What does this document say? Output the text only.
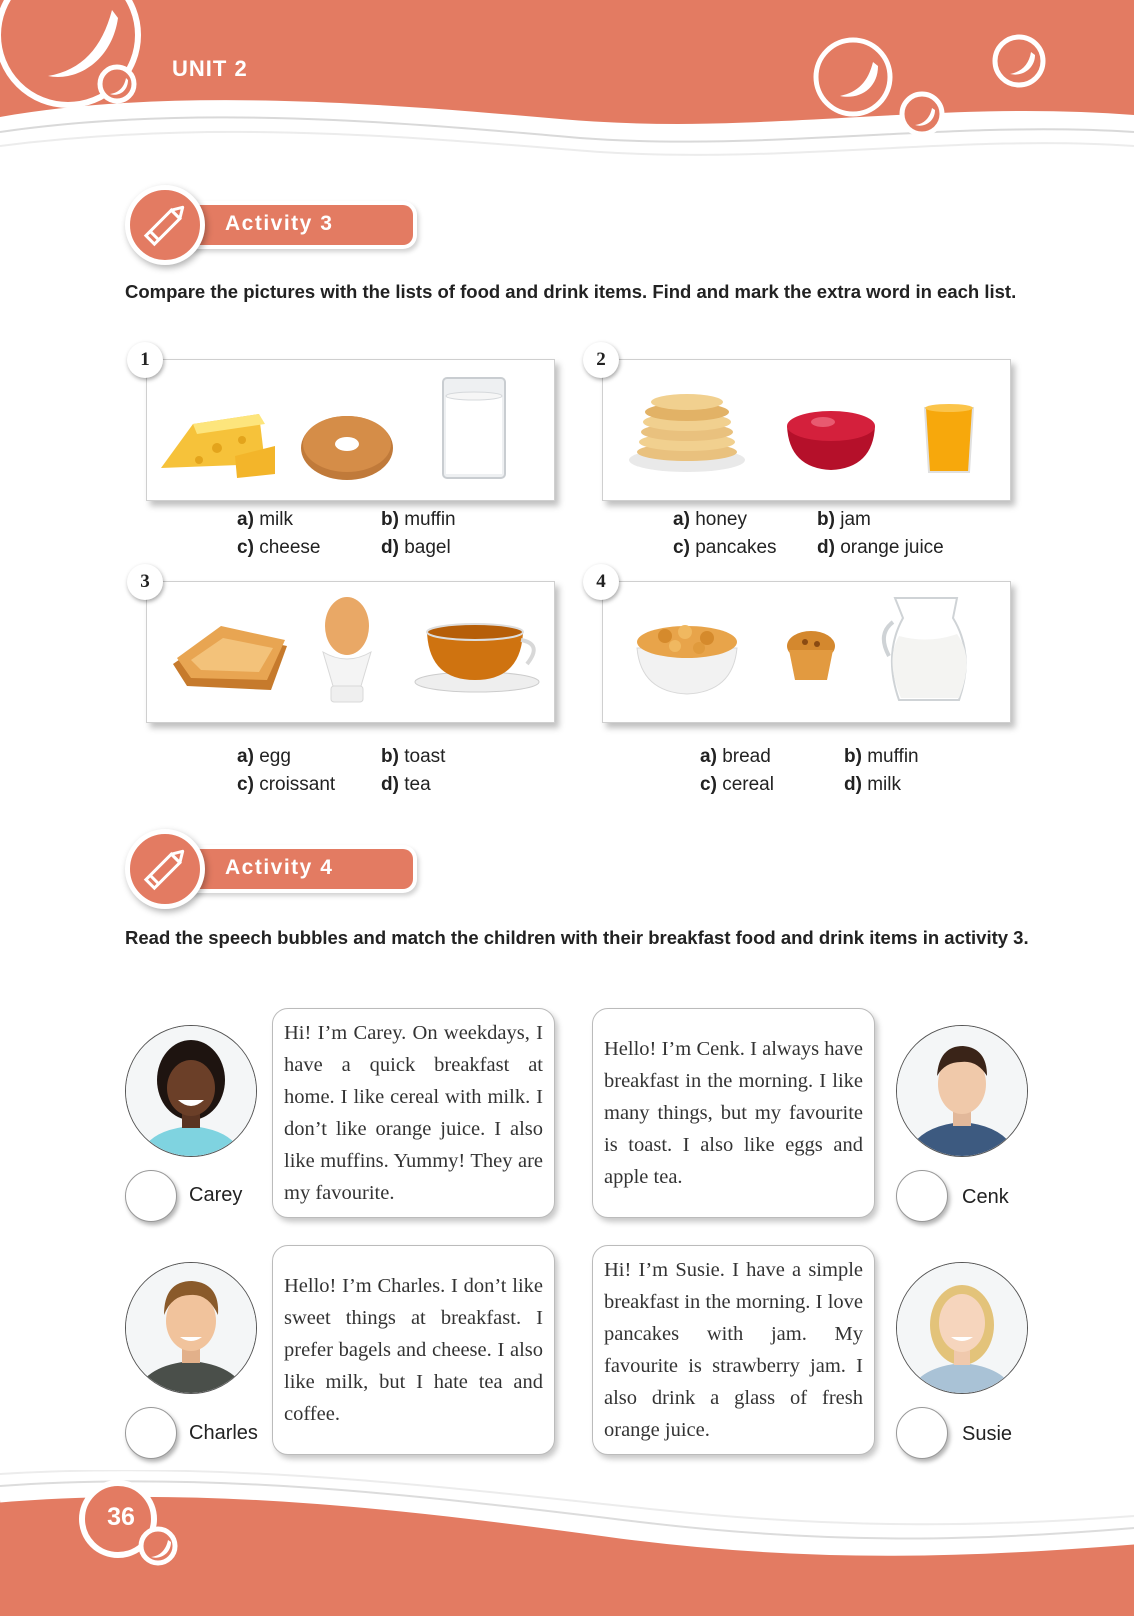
UNIT 2
Activity 3
Compare the pictures with the lists of food and drink items. Find and mark the extra word in each list.
1
a) milk	b) muffin
c) cheese	d) bagel
2
a) honey	b) jam
c) pancakes d) orange juice
3
a) egg	b) toast
c) croissant d) tea
4
a) bread	b) muffin
c) cereal	d) milk
Activity 4
Read the speech bubbles and match the children with their breakfast food and drink items in activity 3.
Carey

Hi! I’m Carey. On weekdays, I have a quick breakfast at home. I like cereal with milk. I don’t like orange juice. I also like muffins. Yummy! They are my favourite.

Hello! I’m Cenk. I always have breakfast in the morning. I like many things, but my favourite is toast. I also like eggs and apple tea.

Cenk
Charles

Hello! I’m Charles. I don’t like sweet things at breakfast. I prefer bagels and cheese. I also like milk, but I hate tea and coffee.

Hi! I’m Susie. I have a simple breakfast in the morning. I love pancakes with jam. My favourite is strawberry jam. I also drink a glass of fresh orange juice.	Susie
36
